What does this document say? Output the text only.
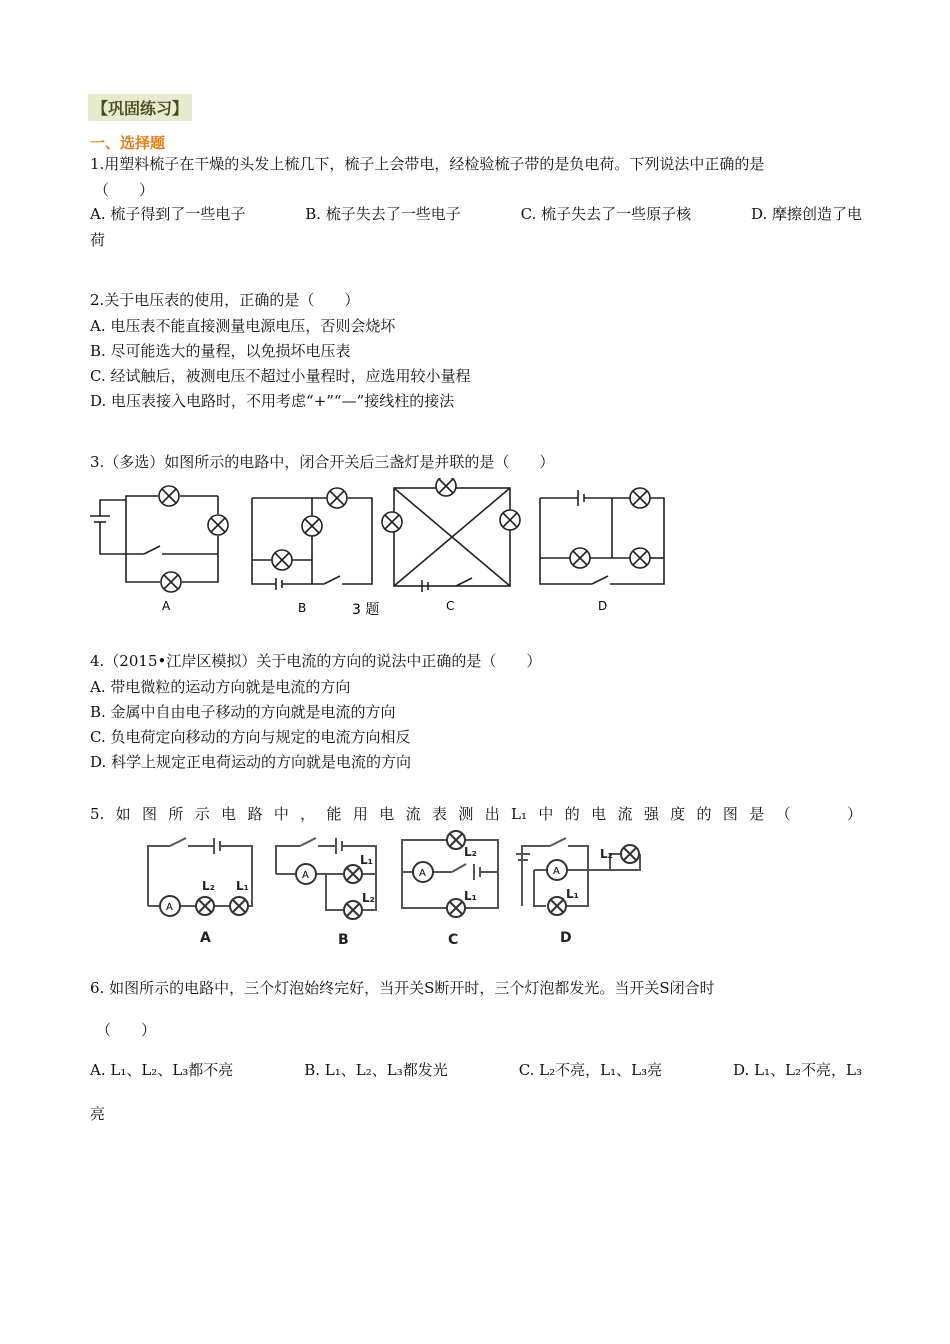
【巩固练习】
一、选择题
1.用塑料梳子在干燥的头发上梳几下，梳子上会带电，经检验梳子带的是负电荷。下列说法中正确的是
（　　）
A. 梳子得到了一些电子	B. 梳子失去了一些电子	C. 梳子失去了一些原子核	D. 摩擦创造了电
荷
2.关于电压表的使用，正确的是（　　）
A. 电压表不能直接测量电源电压，否则会烧坏
B. 尽可能选大的量程，以免损坏电压表
C. 经试触后，被测电压不超过小量程时，应选用较小量程
D. 电压表接入电路时，不用考虑“+”“—”接线柱的接法
3.（多选）如图所示的电路中，闭合开关后三盏灯是并联的是（　　）
A	B	3 题	C	D
4.（2015•江岸区模拟）关于电流的方向的说法中正确的是（　　）
A. 带电微粒的运动方向就是电流的方向
B. 金属中自由电子移动的方向就是电流的方向
C. 负电荷定向移动的方向与规定的电流方向相反
D. 科学上规定正电荷运动的方向就是电流的方向
5. 如 图 所 示 电 路 中 ， 能 用 电 流 表 测 出 L₁ 中 的 电 流 强 度 的 图 是 （	）
A
A	A	A
L₂ L₁
L₁
L₂
L₂
L₁	L₁
L₂
A	B	C	D
6. 如图所示的电路中，三个灯泡始终完好，当开关S断开时，三个灯泡都发光。当开关S闭合时
（　　）
A. L₁、L₂、L₃都不亮	B. L₁、L₂、L₃都发光	C. L₂不亮，L₁、L₃亮	D. L₁、L₂不亮，L₃
亮
